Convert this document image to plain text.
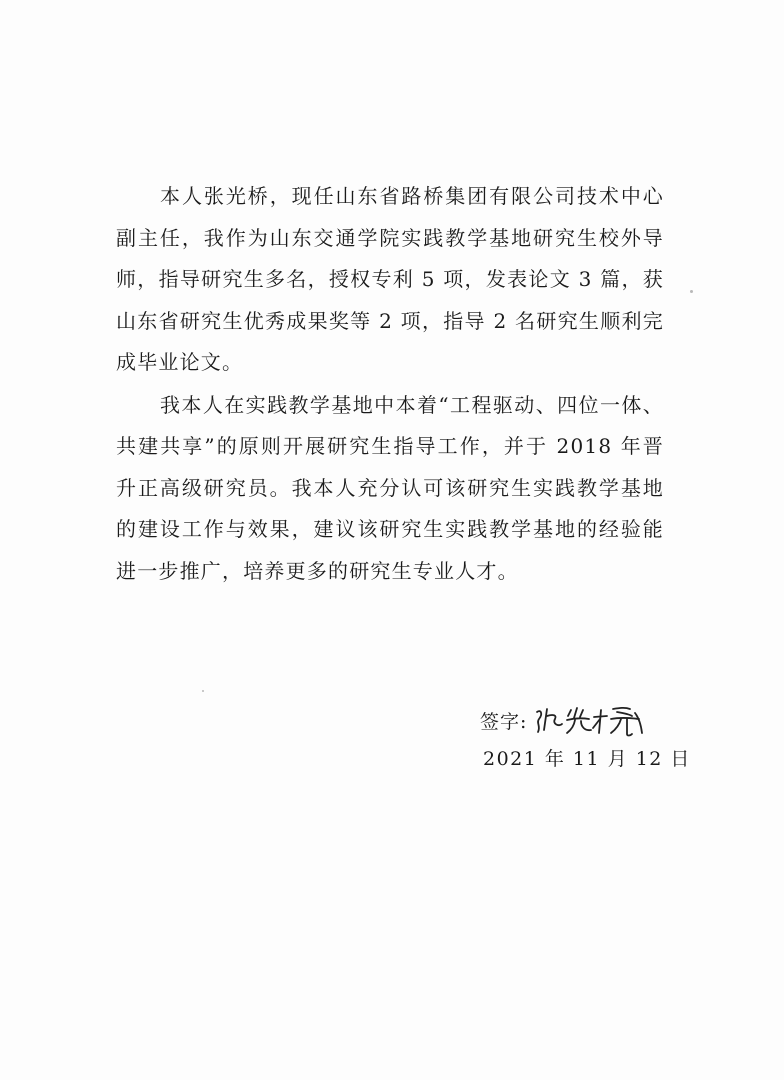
本人张光桥，现任山东省路桥集团有限公司技术中心副主任，我作为山东交通学院实践教学基地研究生校外导师，指导研究生多名，授权专利 5 项，发表论文 3 篇，获山东省研究生优秀成果奖等 2 项，指导 2 名研究生顺利完成毕业论文。

我本人在实践教学基地中本着“工程驱动、四位一体、共建共享”的原则开展研究生指导工作，并于 2018 年晋升正高级研究员。我本人充分认可该研究生实践教学基地的建设工作与效果，建议该研究生实践教学基地的经验能进一步推广，培养更多的研究生专业人才。

签字:
2021 年 11 月 12 日
